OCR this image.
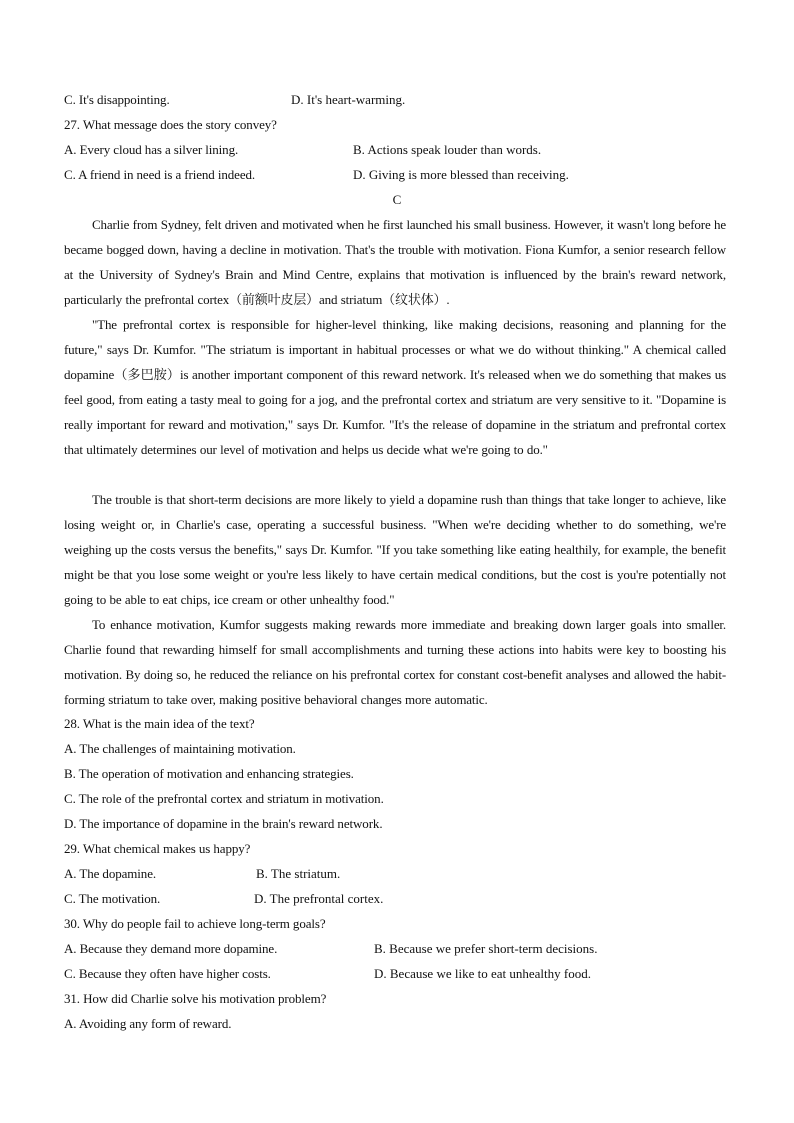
C. It's disappointing.	D. It's heart-warming.
27. What message does the story convey?
A. Every cloud has a silver lining.	B. Actions speak louder than words.
C. A friend in need is a friend indeed.	D. Giving is more blessed than receiving.
C
Charlie from Sydney, felt driven and motivated when he first launched his small business. However, it wasn't long before he became bogged down, having a decline in motivation. That's the trouble with motivation. Fiona Kumfor, a senior research fellow at the University of Sydney's Brain and Mind Centre, explains that motivation is influenced by the brain's reward network, particularly the prefrontal cortex（前额叶皮层）and striatum（纹状体）.
"The prefrontal cortex is responsible for higher-level thinking, like making decisions, reasoning and planning for the future," says Dr. Kumfor. "The striatum is important in habitual processes or what we do without thinking." A chemical called dopamine（多巴胺）is another important component of this reward network. It's released when we do something that makes us feel good, from eating a tasty meal to going for a jog, and the prefrontal cortex and striatum are very sensitive to it. "Dopamine is really important for reward and motivation," says Dr. Kumfor. "It's the release of dopamine in the striatum and prefrontal cortex that ultimately determines our level of motivation and helps us decide what we're going to do."
The trouble is that short-term decisions are more likely to yield a dopamine rush than things that take longer to achieve, like losing weight or, in Charlie's case, operating a successful business. "When we're deciding whether to do something, we're weighing up the costs versus the benefits," says Dr. Kumfor. "If you take something like eating healthily, for example, the benefit might be that you lose some weight or you're less likely to have certain medical conditions, but the cost is you're potentially not going to be able to eat chips, ice cream or other unhealthy food."
To enhance motivation, Kumfor suggests making rewards more immediate and breaking down larger goals into smaller. Charlie found that rewarding himself for small accomplishments and turning these actions into habits were key to boosting his motivation. By doing so, he reduced the reliance on his prefrontal cortex for constant cost-benefit analyses and allowed the habit-forming striatum to take over, making positive behavioral changes more automatic.
28. What is the main idea of the text?
A. The challenges of maintaining motivation.
B. The operation of motivation and enhancing strategies.
C. The role of the prefrontal cortex and striatum in motivation.
D. The importance of dopamine in the brain's reward network.
29. What chemical makes us happy?
A. The dopamine.	B. The striatum.
C. The motivation.	D. The prefrontal cortex.
30. Why do people fail to achieve long-term goals?
A. Because they demand more dopamine.	B. Because we prefer short-term decisions.
C. Because they often have higher costs.	D. Because we like to eat unhealthy food.
31. How did Charlie solve his motivation problem?
A. Avoiding any form of reward.
